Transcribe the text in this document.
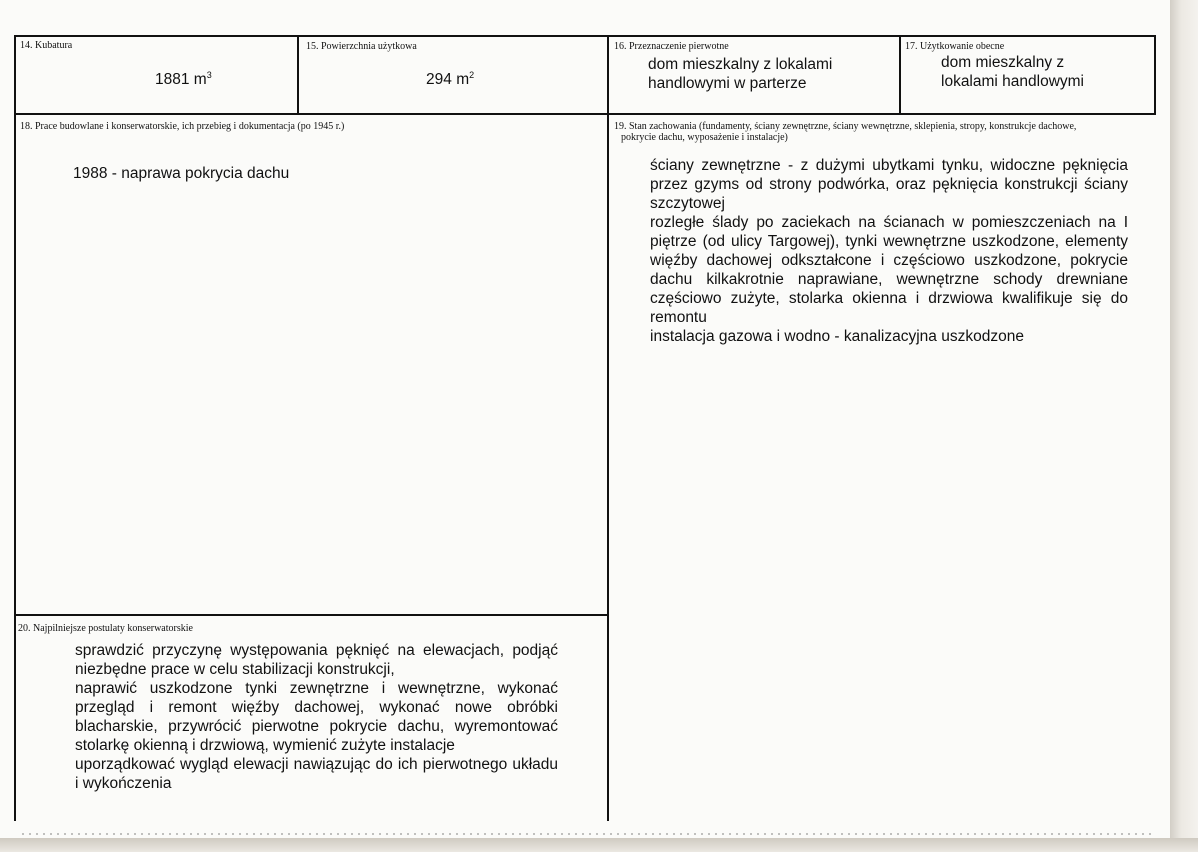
14. Kubatura
1881 $m^3$
15. Powierzchnia użytkowa
294 $m^2$
16. Przeznaczenie pierwotne
dom mieszkalny z lokalami
handlowymi w parterze
17. Użytkowanie obecne
dom mieszkalny z
lokalami handlowymi
18. Prace budowlane i konserwatorskie, ich przebieg i dokumentacja (po 1945 r.)
1988 - naprawa pokrycia dachu
19. Stan zachowania (fundamenty, ściany zewnętrzne, ściany wewnętrzne, sklepienia, stropy, konstrukcje dachowe,
pokrycie dachu, wyposażenie i instalacje)
ściany zewnętrzne - z dużymi ubytkami tynku, widoczne pęknięcia przez gzyms od strony podwórka, oraz pęknięcia konstrukcji ściany szczytowej
rozległe ślady po zaciekach na ścianach w pomieszczeniach na I piętrze (od ulicy Targowej), tynki wewnętrzne uszkodzone, elementy więźby dachowej odkształcone i częściowo uszkodzone, pokrycie dachu kilkakrotnie naprawiane, wewnętrzne schody drewniane częściowo zużyte, stolarka okienna i drzwiowa kwalifikuje się do remontu
instalacja gazowa i wodno - kanalizacyjna uszkodzone
20. Najpilniejsze postulaty konserwatorskie
sprawdzić przyczynę występowania pęknięć na elewacjach, podjąć niezbędne prace w celu stabilizacji konstrukcji,
naprawić uszkodzone tynki zewnętrzne i wewnętrzne, wykonać przegląd i remont więźby dachowej, wykonać nowe obróbki blacharskie, przywrócić pierwotne pokrycie dachu, wyremontować stolarkę okienną i drzwiową, wymienić zużyte instalacje
uporządkować wygląd elewacji nawiązując do ich pierwotnego układu i wykończenia
